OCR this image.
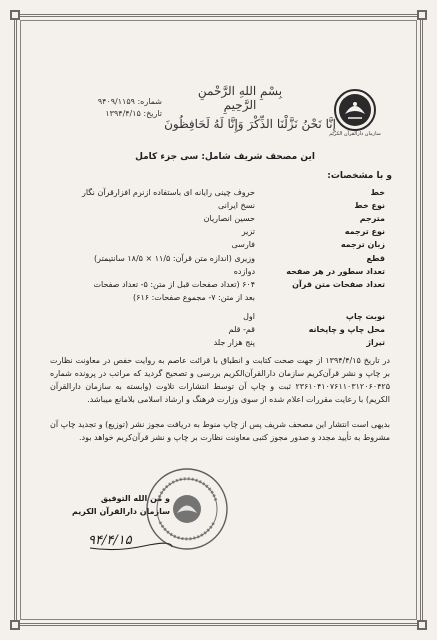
بِسْمِ اللهِ الرَّحْمنِ الرَّحِيمِ
إِنَّا نَحْنُ نَزَّلْنَا الذِّكْرَ وَإِنَّا لَهُ لَحَافِظُونَ
شماره: ۹۴۰۹/۱۱۵۹
تاریخ: ۱۳۹۴/۴/۱۵
سازمان دارالقرآن الکریم
این مصحف شریف شامل: سی جزء کامل
و با مشخصات:
خط
حروف چینی رایانه ای باستفاده ازنرم افزارقرآن نگار
نوع خط
نسخ ایرانی
مترجم
حسین انصاریان
نوع ترجمه
تزیر
زبان ترجمه
فارسی
قطع
وزیری (اندازه متن قرآن: ۱۱/۵ × ۱۸/۵ سانتیمتر)
تعداد سطور در هر صفحه
دوازده
تعداد صفحات متن قرآن
۶۰۴ (تعداد صفحات قبل از متن: ۵- تعداد صفحات
بعد از متن: ۷- مجموع صفحات: ۶۱۶)
نوبت چاپ
اول
محل چاپ و چاپخانه
قم- قلم
تیراژ
پنج هزار جلد
در تاریخ ۱۳۹۴/۴/۱۵ از جهت صحت کتابت و انطباق با قرائت عاصم به روایت حفص در معاونت نظارت بر چاپ و نشر قرآن‌کریم سازمان دارالقرآن‌الکریم بررسی و تصحیح گردید که مراتب در پرونده شماره ۲۳۶۱۰۴۱۰۷۶۱۱۰۳۱۲۰۶۰۴۲۵ ثبت و چاپ آن توسط انتشارات تلاوت (وابسته به سازمان دارالقرآن الکریم) با رعایت مقررات اعلام شده از سوی وزارت فرهنگ و ارشاد اسلامی بلامانع میباشد.
بدیهی است انتشار این مصحف شریف پس از چاپ منوط به دریافت مجوز نشر (توزیع) و تجدید چاپ آن مشروط به تأیید مجدد و صدور مجوز کتبی معاونت نظارت بر چاپ و نشر قرآن‌کریم خواهد بود.
و من الله التوفیق
سازمان دارالقرآن الکریم
۹۴/۴/۱۵
